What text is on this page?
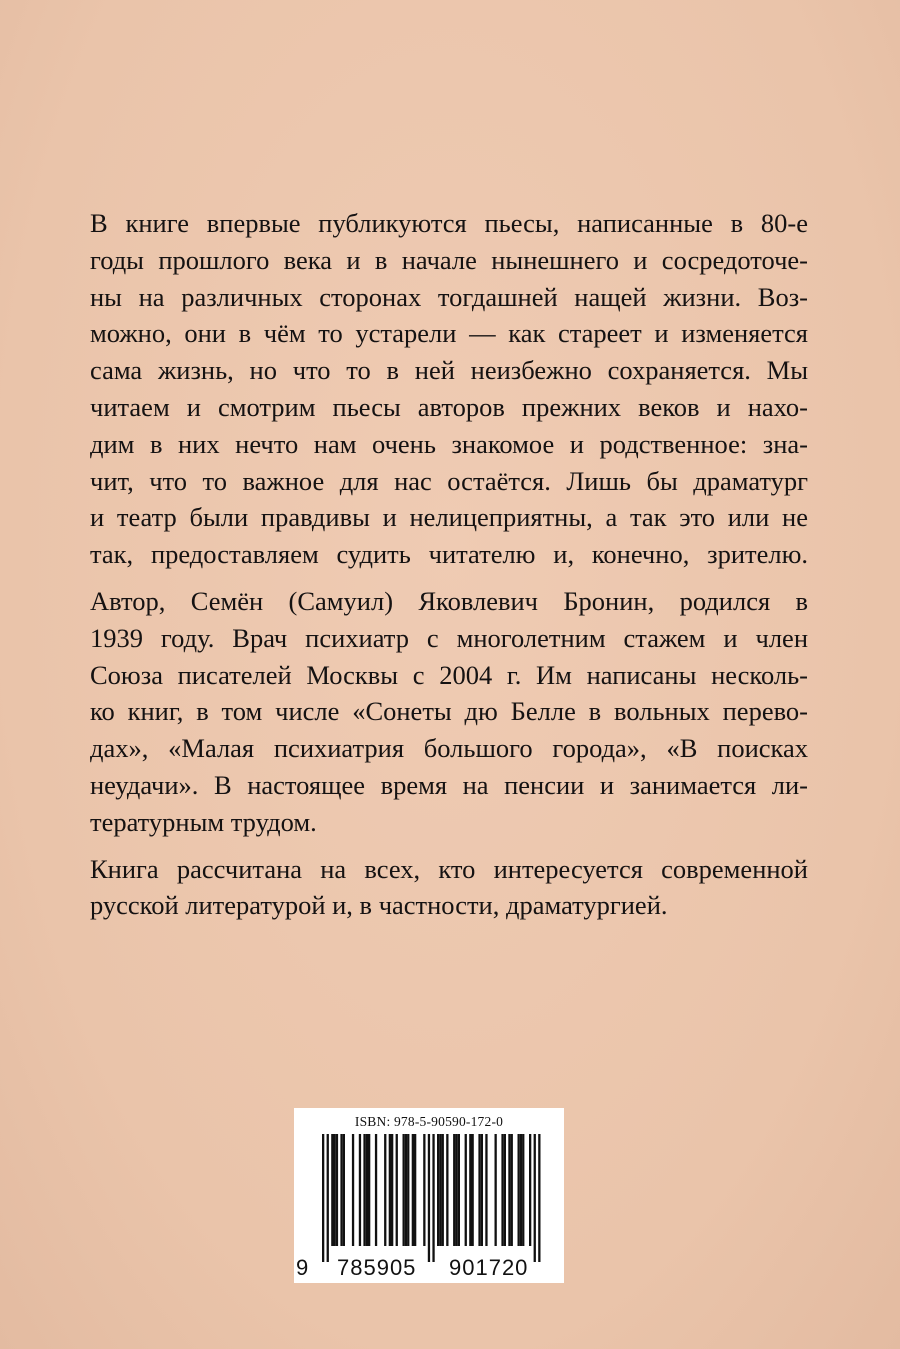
В книге впервые публикуются пьесы, написанные в 80-е
годы прошлого века и в начале нынешнего и сосредоточе-
ны на различных сторонах тогдашней нащей жизни. Воз-
можно, они в чём то устарели — как стареет и изменяется
сама жизнь, но что то в ней неизбежно сохраняется. Мы
читаем и смотрим пьесы авторов прежних веков и нахо-
дим в них нечто нам очень знакомое и родственное: зна-
чит, что то важное для нас остаётся. Лишь бы драматург
и театр были правдивы и нелицеприятны, а так это или не
так, предоставляем судить читателю и, конечно, зрителю.

Автор, Семён (Самуил) Яковлевич Бронин, родился в
1939 году. Врач психиатр с многолетним стажем и член
Союза писателей Москвы с 2004 г. Им написаны несколь-
ко книг, в том числе «Сонеты дю Белле в вольных перево-
дах», «Малая психиатрия большого города», «В поисках
неудачи». В настоящее время на пенсии и занимается ли-
тературным трудом.

Книга рассчитана на всех, кто интересуется современной
русской литературой и, в частности, драматургией.

ISBN: 978-5-90590-172-0
9 785905 901720
